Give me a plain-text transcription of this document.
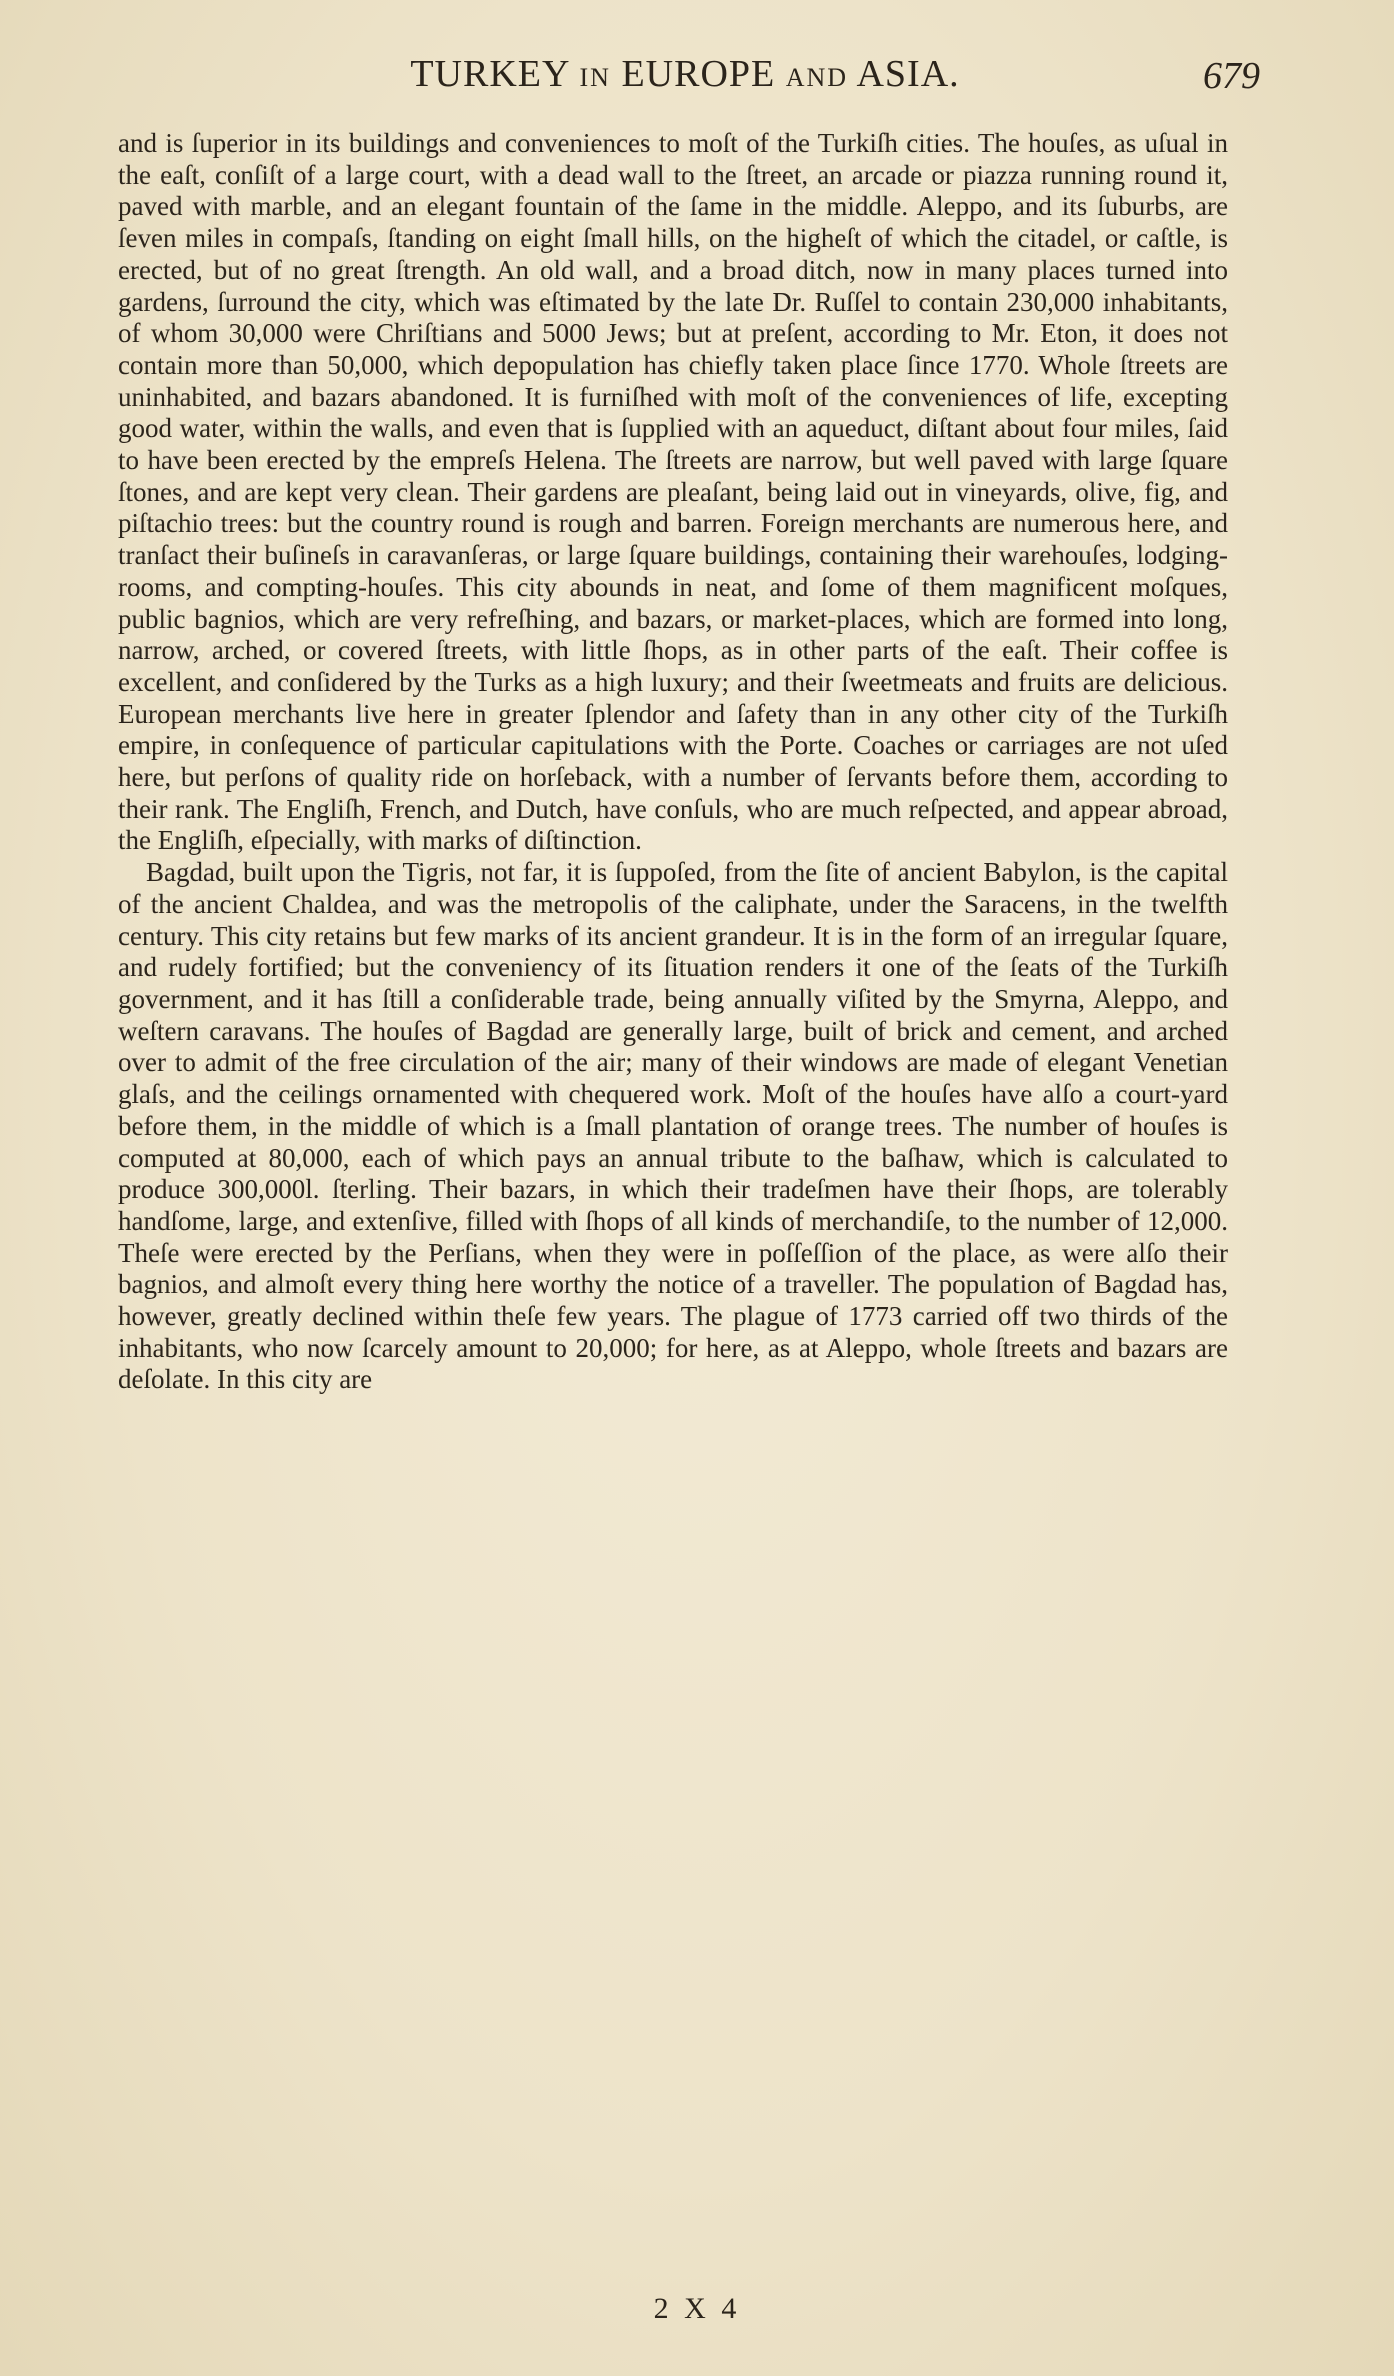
TURKEY IN EUROPE AND ASIA.	679

and is ſuperior in its buildings and conveniences to moſt of the Turkiſh cities. The houſes, as uſual in the eaſt, conſiſt of a large court, with a dead wall to the ſtreet, an arcade or piazza running round it, paved with marble, and an elegant fountain of the ſame in the middle. Aleppo, and its ſuburbs, are ſeven miles in compaſs, ſtanding on eight ſmall hills, on the higheſt of which the citadel, or caſtle, is erected, but of no great ſtrength. An old wall, and a broad ditch, now in many places turned into gardens, ſurround the city, which was eſtimated by the late Dr. Ruſſel to contain 230,000 inhabitants, of whom 30,000 were Chriſtians and 5000 Jews; but at preſent, according to Mr. Eton, it does not contain more than 50,000, which depopulation has chiefly taken place ſince 1770. Whole ſtreets are uninhabited, and bazars abandoned. It is furniſhed with moſt of the conveniences of life, excepting good water, within the walls, and even that is ſupplied with an aqueduct, diſtant about four miles, ſaid to have been erected by the empreſs Helena. The ſtreets are narrow, but well paved with large ſquare ſtones, and are kept very clean. Their gardens are pleaſant, being laid out in vineyards, olive, fig, and piſtachio trees: but the country round is rough and barren. Foreign merchants are numerous here, and tranſact their buſineſs in caravanſeras, or large ſquare buildings, containing their warehouſes, lodging-rooms, and compting-houſes. This city abounds in neat, and ſome of them magnificent moſques, public bagnios, which are very refreſhing, and bazars, or market-places, which are formed into long, narrow, arched, or covered ſtreets, with little ſhops, as in other parts of the eaſt. Their coffee is excellent, and conſidered by the Turks as a high luxury; and their ſweetmeats and fruits are delicious. European merchants live here in greater ſplendor and ſafety than in any other city of the Turkiſh empire, in conſequence of particular capitulations with the Porte. Coaches or carriages are not uſed here, but perſons of quality ride on horſeback, with a number of ſervants before them, according to their rank. The Engliſh, French, and Dutch, have conſuls, who are much reſpected, and appear abroad, the Engliſh, eſpecially, with marks of diſtinction.

Bagdad, built upon the Tigris, not far, it is ſuppoſed, from the ſite of ancient Babylon, is the capital of the ancient Chaldea, and was the metropolis of the caliphate, under the Saracens, in the twelfth century. This city retains but few marks of its ancient grandeur. It is in the form of an irregular ſquare, and rudely fortified; but the conveniency of its ſituation renders it one of the ſeats of the Turkiſh government, and it has ſtill a conſiderable trade, being annually viſited by the Smyrna, Aleppo, and weſtern caravans. The houſes of Bagdad are generally large, built of brick and cement, and arched over to admit of the free circulation of the air; many of their windows are made of elegant Venetian glaſs, and the ceilings ornamented with chequered work. Moſt of the houſes have alſo a court-yard before them, in the middle of which is a ſmall plantation of orange trees. The number of houſes is computed at 80,000, each of which pays an annual tribute to the baſhaw, which is calculated to produce 300,000l. ſterling. Their bazars, in which their tradeſmen have their ſhops, are tolerably handſome, large, and extenſive, filled with ſhops of all kinds of merchandiſe, to the number of 12,000. Theſe were erected by the Perſians, when they were in poſſeſſion of the place, as were alſo their bagnios, and almoſt every thing here worthy the notice of a traveller. The population of Bagdad has, however, greatly declined within theſe few years. The plague of 1773 carried off two thirds of the inhabitants, who now ſcarcely amount to 20,000; for here, as at Aleppo, whole ſtreets and bazars are deſolate. In this city are

2 X 4
